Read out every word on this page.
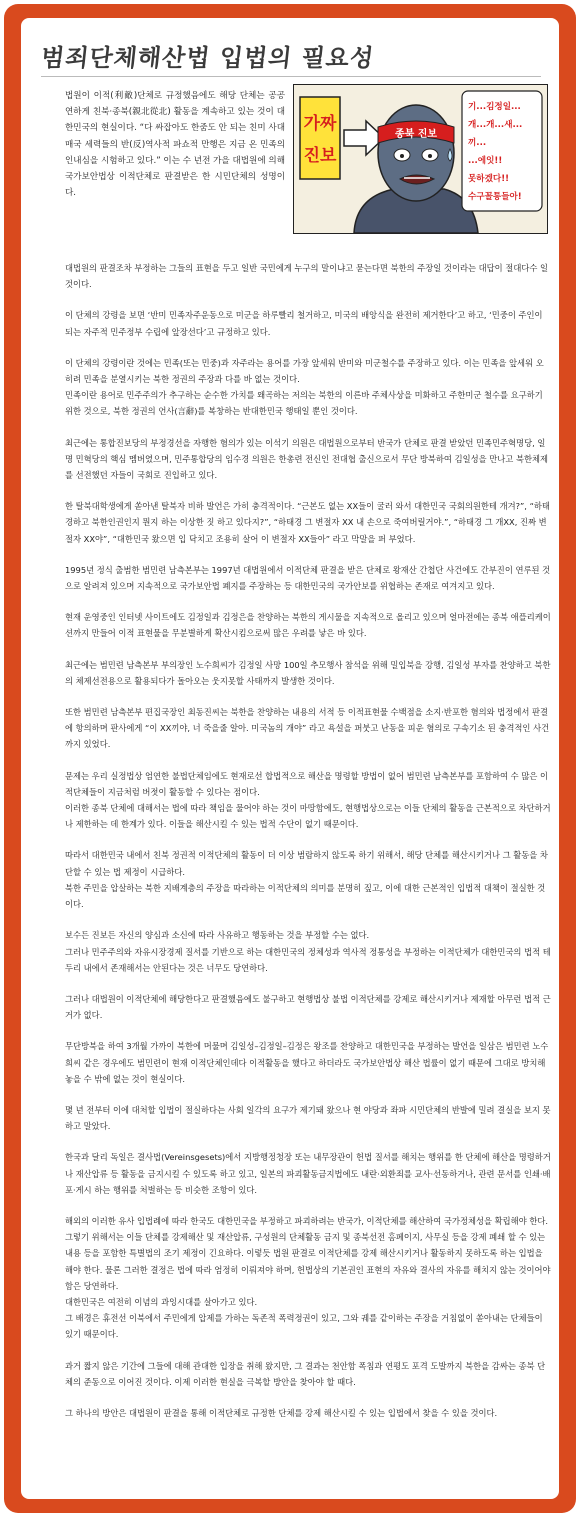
범죄단체해산법 입법의 필요성
법원이 이적(利敵)단체로 규정했음에도 해당 단체는 공공연하게 친북·종북(親北從北) 활동을 계속하고 있는 것이 대한민국의 현실이다. “다 싸잡아도 한줌도 안 되는 친미 사대 매국 세력들의 반(反)역사적 파쇼적 만행은 지금 온 민족의 인내심을 시험하고 있다.” 이는 수 년전 가을 대법원에 의해 국가보안법상 이적단체로 판결받은 한 시민단체의 성명이다.
가짜
진보
종북 진보
기...김정일...
개...개...새...
끼...
...에잇!!
못하겠다!!
수구꼴통들아!

대법원의 판결조차 부정하는 그들의 표현을 두고 일반 국민에게 누구의 말이냐고 묻는다면 북한의 주장일 것이라는 대답이 절대다수 일 것이다.

이 단체의 강령을 보면 ‘반미 민족자주운동으로 미군을 하루빨리 철거하고, 미국의 배앙식을 완전히 제거한다’고 하고, ‘민중이 주인이 되는 자주적 민주정부 수립에 앞장선다’고 규정하고 있다.

이 단체의 강령이란 것에는 민족(또는 민중)과 자주라는 용어를 가장 앞세워 반미와 미군철수를 주장하고 있다. 이는 민족을 앞세워 오히려 민족을 분열시키는 북한 정권의 주장과 다를 바 없는 것이다.

민족이란 용어로 민주주의가 추구하는 순수한 가치를 왜곡하는 저의는 북한의 이른바 주체사상을 미화하고 주한미군 철수를 요구하기 위한 것으로, 북한 정권의 언사(言辭)를 복창하는 반대한민국 행태일 뿐인 것이다.

최근에는 통합진보당의 부정경선을 자행한 혐의가 있는 이석기 의원은 대법원으로부터 반국가 단체로 판결 받았던 민족민주혁명당, 일명 민혁당의 핵심 멤버였으며, 민주통합당의 임수경 의원은 한총련 전신인 전대협 출신으로서 무단 방북하여 김일성을 만나고 북한체제를 선전했던 자들이 국회로 진입하고 있다.

한 탈북대학생에게 쏟아낸 탈북자 비하 발언은 가히 충격적이다. “근본도 없는 XX들이 굴러 와서 대한민국 국회의원한테 개겨?”, “하태경하고 북한인권인지 뭔지 하는 이상한 짓 하고 있다지?”, “하태경 그 변절자 XX 내 손으로 죽여버릴거야.”, “하태경 그 개XX, 진짜 변절자 XX야”, “대한민국 왔으면 입 닥치고 조용히 살어 이 변절자 XX들아” 라고 막말을 퍼 부었다.

1995년 정식 출범한 범민련 남측본부는 1997년 대법원에서 이적단체 판결을 받은 단체로 왕재산 간첩단 사건에도 간부진이 연루된 것으로 알려져 있으며 지속적으로 국가보안법 폐지를 주장하는 등 대한민국의 국가안보를 위협하는 존재로 여겨지고 있다.

현재 운영중인 인터넷 사이트에도 김정일과 김정은을 찬양하는 북한의 게시물을 지속적으로 올리고 있으며 얼마전에는 종북 애플리케이션까지 만들어 이적 표현물을 무분별하게 확산시킴으로써 많은 우려를 낳은 바 있다.

최근에는 범민련 남측본부 부의장인 노수희씨가 김정일 사망 100일 추모행사 참석을 위해 밀입북을 강행, 김일성 부자를 찬양하고 북한의 체제선전용으로 활용되다가 돌아오는 웃지못할 사태까지 발생한 것이다.

또한 범민련 남측본부 편집국장인 최동진씨는 북한을 찬양하는 내용의 서적 등 이적표현물 수백점을 소지·반포한 혐의와 법정에서 판결에 항의하며 판사에게 “이 XX끼야, 너 죽을줄 알아. 미국놈의 개야” 라고 욕설을 퍼붓고 난동을 피운 혐의로 구속기소 된 충격적인 사건까지 있었다.

문제는 우리 실정법상 엄연한 불법단체임에도 현재로선 합법적으로 해산을 명령할 방법이 없어 범민련 남측본부를 포함하여 수 많은 이적단체들이 지금처럼 버젓이 활동할 수 있다는 점이다.

이러한 종북 단체에 대해서는 법에 따라 책임을 물어야 하는 것이 마땅함에도, 현행법상으로는 이들 단체의 활동을 근본적으로 차단하거나 제한하는 데 한계가 있다. 이들을 해산시킬 수 있는 법적 수단이 없기 때문이다.

따라서 대한민국 내에서 친북 정권적 이적단체의 활동이 더 이상 범람하지 않도록 하기 위해서, 해당 단체를 해산시키거나 그 활동을 차단할 수 있는 법 제정이 시급하다.

북한 주민을 압살하는 북한 지배계층의 주장을 따라하는 이적단체의 의미를 분명히 짚고, 이에 대한 근본적인 입법적 대책이 절실한 것이다.

보수든 진보든 자신의 양심과 소신에 따라 사유하고 행동하는 것을 부정할 수는 없다.

그러나 민주주의와 자유시장경제 질서를 기반으로 하는 대한민국의 정체성과 역사적 정통성을 부정하는 이적단체가 대한민국의 법적 테두리 내에서 존재해서는 안된다는 것은 너무도 당연하다.

그러나 대법원이 이적단체에 해당한다고 판결했음에도 불구하고 현행법상 불법 이적단체를 강제로 해산시키거나 제재할 아무런 법적 근거가 없다.

무단방북을 하여 3개월 가까이 북한에 머물며 김일성–김정일–김정은 왕조를 찬양하고 대한민국을 부정하는 발언을 일삼은 범민련 노수희씨 같은 경우에도 범민련이 현재 이적단체인데다 이적활동을 했다고 하더라도 국가보안법상 해산 법률이 없기 때문에 그대로 방치해 놓을 수 밖에 없는 것이 현실이다.

몇 년 전부터 이에 대처할 입법이 절실하다는 사회 일각의 요구가 제기돼 왔으나 현 야당과 좌파 시민단체의 반발에 밀려 결실을 보지 못하고 말았다.

한국과 달리 독일은 결사법(Vereinsgesets)에서 지방행정청장 또는 내무장관이 헌법 질서를 해치는 행위를 한 단체에 해산을 명령하거나 재산압류 등 활동을 금지시킬 수 있도록 하고 있고, 일본의 파괴활동금지법에도 내란·외환죄를 교사·선동하거나, 관련 문서를 인쇄·배포·게시 하는 행위를 처벌하는 등 비슷한 조항이 있다.

해외의 이러한 유사 입법례에 따라 한국도 대한민국을 부정하고 파괴하려는 반국가, 이적단체를 해산하여 국가정체성을 확립해야 한다. 그렇기 위해서는 이들 단체를 강제해산 및 재산압류, 구성원의 단체활동 금지 및 종북선전 홈페이지, 사무실 등을 강제 폐쇄 할 수 있는 내용 등을 포함한 특별법의 조기 제정이 긴요하다. 이렇듯 법원 판결로 이적단체를 강제 해산시키거나 활동하지 못하도록 하는 입법을 해야 한다. 물론 그러한 결정은 법에 따라 엄정히 이뤄져야 하며, 헌법상의 기본권인 표현의 자유와 결사의 자유를 해치지 않는 것이어야 함은 당연하다.

대한민국은 여전히 이념의 과잉시대를 살아가고 있다.

그 배경은 휴전선 이북에서 주민에게 압제를 가하는 독존적 폭력정권이 있고, 그와 궤를 같이하는 주장을 거침없이 쏟아내는 단체들이 있기 때문이다.

과거 짧지 않은 기간에 그들에 대해 관대한 입장을 취해 왔지만, 그 결과는 천안함 폭침과 연평도 포격 도발까지 북한을 감싸는 종북 단체의 준동으로 이어진 것이다. 이제 이러한 현실을 극복할 방안을 찾아야 할 때다.

그 하나의 방안은 대법원이 판결을 통해 이적단체로 규정한 단체를 강제 해산시킬 수 있는 입법에서 찾을 수 있을 것이다.
